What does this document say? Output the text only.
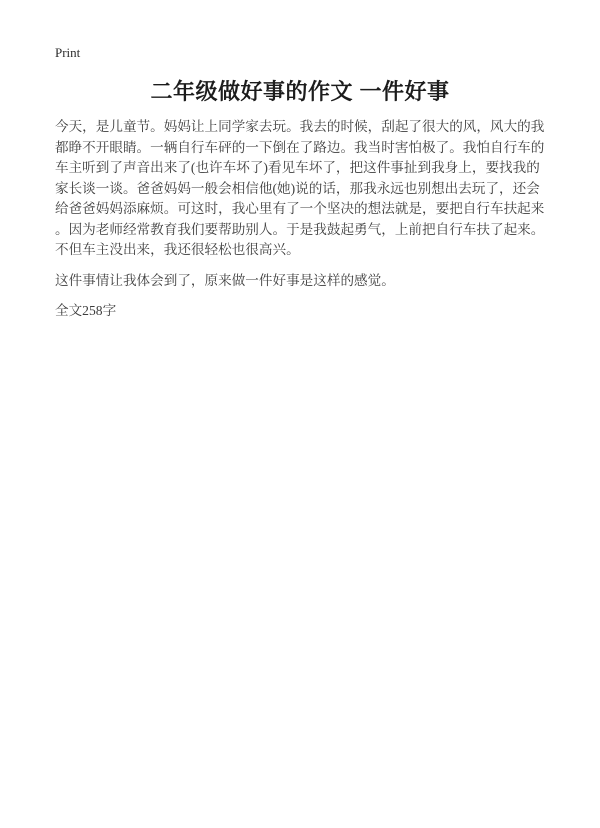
Print
二年级做好事的作文 一件好事
今天，是儿童节。妈妈让上同学家去玩。我去的时候，刮起了很大的风，风大的我
都睁不开眼睛。一辆自行车砰的一下倒在了路边。我当时害怕极了。我怕自行车的
车主听到了声音出来了(也许车坏了)看见车坏了，把这件事扯到我身上，要找我的
家长谈一谈。爸爸妈妈一般会相信他(她)说的话，那我永远也别想出去玩了，还会
给爸爸妈妈添麻烦。可这时，我心里有了一个坚决的想法就是，要把自行车扶起来
。因为老师经常教育我们要帮助别人。于是我鼓起勇气，上前把自行车扶了起来。
不但车主没出来，我还很轻松也很高兴。
这件事情让我体会到了，原来做一件好事是这样的感觉。
全文258字
